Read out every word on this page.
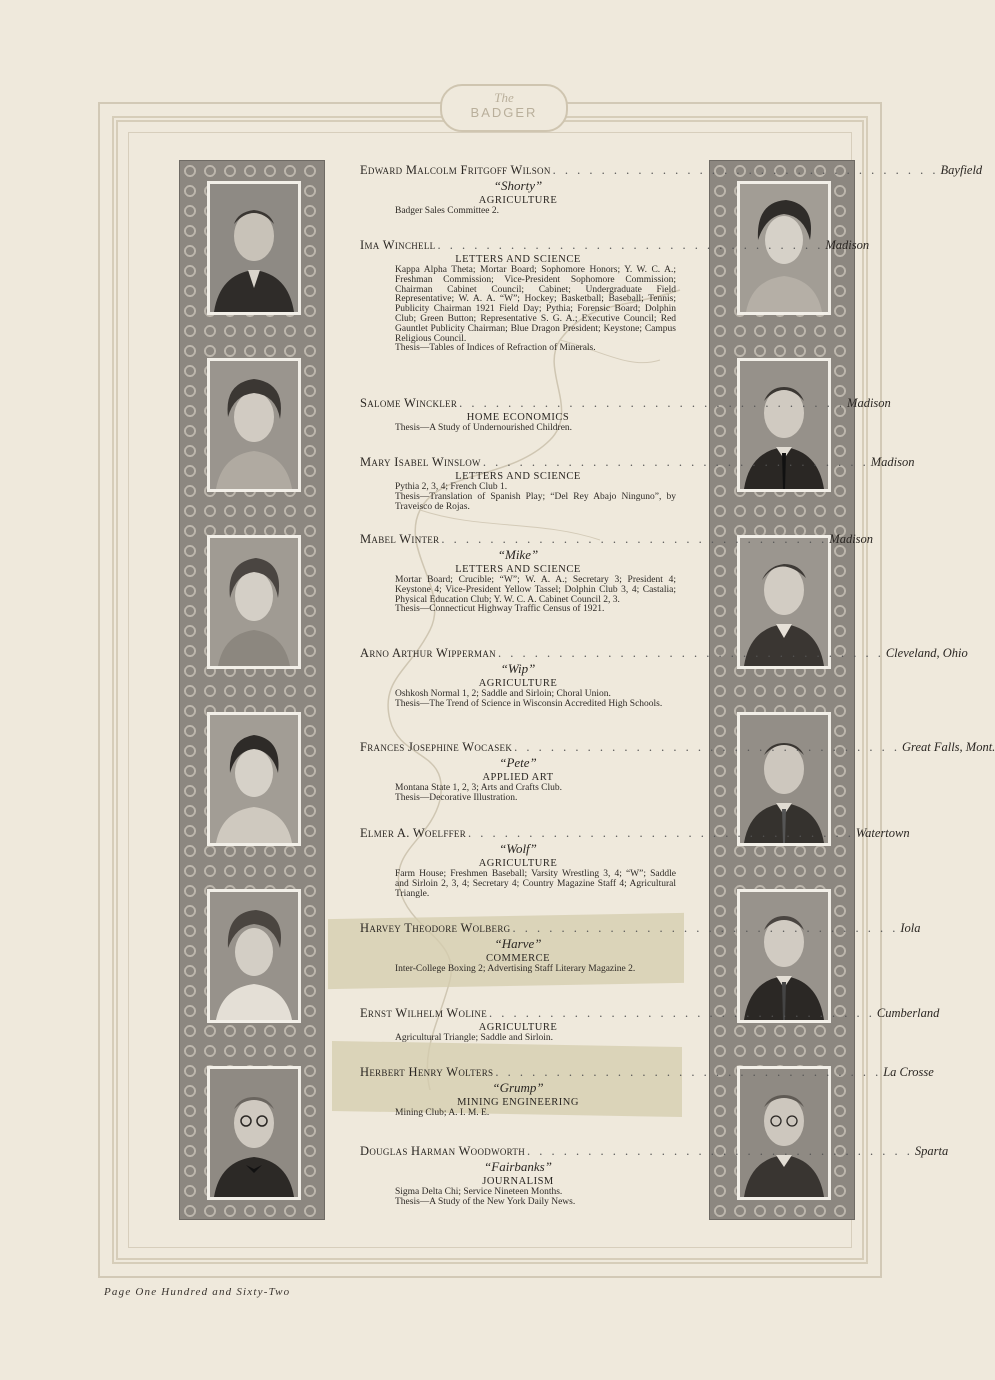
The
BADGER
Edward Malcolm Fritgoff Wilson . . . . . . . . . . . . . . . . . . . . . . . . . . . . . . . . Bayfield
“Shorty”
AGRICULTURE
Badger Sales Committee 2.
Ima Winchell . . . . . . . . . . . . . . . . . . . . . . . . . . . . . . . . Madison
LETTERS AND SCIENCE
Kappa Alpha Theta; Mortar Board; Sophomore Honors; Y. W. C. A.; Freshman Commission; Vice-President Sophomore Commission; Chairman Cabinet Council; Cabinet; Undergraduate Field Representative; W. A. A. “W”; Hockey; Basketball; Baseball; Tennis; Publicity Chairman 1921 Field Day; Pythia; Forensic Board; Dolphin Club; Green Button; Representative S. G. A.; Executive Council; Red Gauntlet Publicity Chairman; Blue Dragon President; Keystone; Campus Religious Council.
Thesis—Tables of Indices of Refraction of Minerals.
Salome Winckler . . . . . . . . . . . . . . . . . . . . . . . . . . . . . . . . Madison
HOME ECONOMICS
Thesis—A Study of Undernourished Children.
Mary Isabel Winslow . . . . . . . . . . . . . . . . . . . . . . . . . . . . . . . . Madison
LETTERS AND SCIENCE
Pythia 2, 3, 4; French Club 1.
Thesis—Translation of Spanish Play; “Del Rey Abajo Ninguno”, by Traveisco de Rojas.
Mabel Winter . . . . . . . . . . . . . . . . . . . . . . . . . . . . . . . . Madison
“Mike”
LETTERS AND SCIENCE
Mortar Board; Crucible; “W”; W. A. A.; Secretary 3; President 4; Keystone 4; Vice-President Yellow Tassel; Dolphin Club 3, 4; Castalia; Physical Education Club; Y. W. C. A. Cabinet Council 2, 3.
Thesis—Connecticut Highway Traffic Census of 1921.
Arno Arthur Wipperman . . . . . . . . . . . . . . . . . . . . . . . . . . . . . . . . Cleveland, Ohio
“Wip”
AGRICULTURE
Oshkosh Normal 1, 2; Saddle and Sirloin; Choral Union.
Thesis—The Trend of Science in Wisconsin Accredited High Schools.
Frances Josephine Wocasek . . . . . . . . . . . . . . . . . . . . . . . . . . . . . . . . Great Falls, Mont.
“Pete”
APPLIED ART
Montana State 1, 2, 3; Arts and Crafts Club.
Thesis—Decorative Illustration.
Elmer A. Woelffer . . . . . . . . . . . . . . . . . . . . . . . . . . . . . . . . Watertown
“Wolf”
AGRICULTURE
Farm House; Freshmen Baseball; Varsity Wrestling 3, 4; “W”; Saddle and Sirloin 2, 3, 4; Secretary 4; Country Magazine Staff 4; Agricultural Triangle.
Harvey Theodore Wolberg . . . . . . . . . . . . . . . . . . . . . . . . . . . . . . . . Iola
“Harve”
COMMERCE
Inter-College Boxing 2; Advertising Staff Literary Magazine 2.
Ernst Wilhelm Woline . . . . . . . . . . . . . . . . . . . . . . . . . . . . . . . . Cumberland
AGRICULTURE
Agricultural Triangle; Saddle and Sirloin.
Herbert Henry Wolters . . . . . . . . . . . . . . . . . . . . . . . . . . . . . . . . La Crosse
“Grump”
MINING ENGINEERING
Mining Club; A. I. M. E.
Douglas Harman Woodworth . . . . . . . . . . . . . . . . . . . . . . . . . . . . . . . . Sparta
“Fairbanks”
JOURNALISM
Sigma Delta Chi; Service Nineteen Months.
Thesis—A Study of the New York Daily News.
Page One Hundred and Sixty-Two
